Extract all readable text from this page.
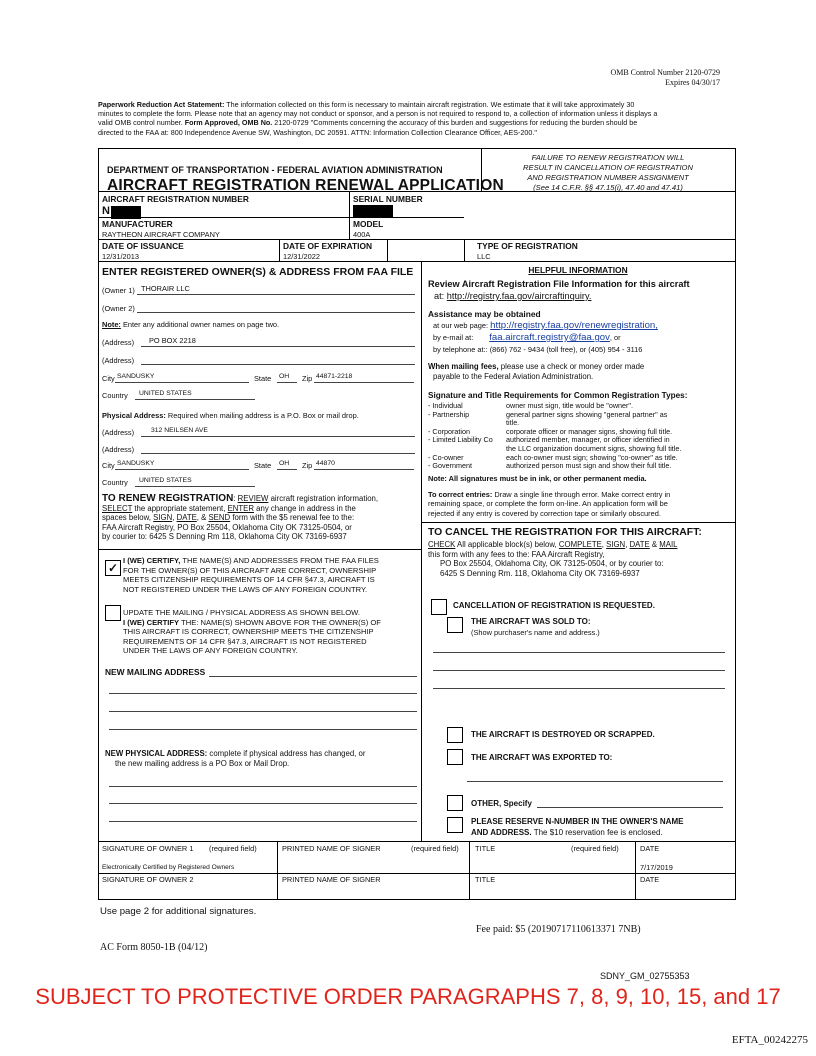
OMB Control Number 2120-0729
Expires 04/30/17
Paperwork Reduction Act Statement: The information collected on this form is necessary to maintain aircraft registration. We estimate that it will take approximately 30
minutes to complete the form. Please note that an agency may not conduct or sponsor, and a person is not required to respond to, a collection of information unless it displays a
valid OMB control number. Form Approved, OMB No. 2120-0729 "Comments concerning the accuracy of this burden and suggestions for reducing the burden should be
directed to the FAA at: 800 Independence Avenue SW, Washington, DC 20591. ATTN: Information Collection Clearance Officer, AES-200."
DEPARTMENT OF TRANSPORTATION - FEDERAL AVIATION ADMINISTRATION
AIRCRAFT REGISTRATION RENEWAL APPLICATION
FAILURE TO RENEW REGISTRATION WILL
RESULT IN CANCELLATION OF REGISTRATION
AND REGISTRATION NUMBER ASSIGNMENT
(See 14 C.F.R. §§ 47.15(i), 47.40 and 47.41)
AIRCRAFT REGISTRATION NUMBER
N
SERIAL NUMBER
MANUFACTURER
RAYTHEON AIRCRAFT COMPANY
MODEL
400A
DATE OF ISSUANCE
12/31/2013
DATE OF EXPIRATION
12/31/2022
TYPE OF REGISTRATION
LLC
ENTER REGISTERED OWNER(S) & ADDRESS FROM FAA FILE
(Owner 1) THORAIR LLC
(Owner 2)
Note: Enter any additional owner names on page two.
(Address) PO BOX 2218
(Address)
City SANDUSKY	State OH Zip 44871-2218
Country UNITED STATES
Physical Address: Required when mailing address is a P.O. Box or mail drop.
(Address) 312 NEILSEN AVE
(Address)
City SANDUSKY	State OH Zip 44870
Country UNITED STATES
TO RENEW REGISTRATION: REVIEW aircraft registration information,
SELECT the appropriate statement, ENTER any change in address in the
spaces below, SIGN, DATE, & SEND form with the $5 renewal fee to the:
FAA Aircraft Registry, PO Box 25504, Oklahoma City OK 73125-0504, or
by courier to: 6425 S Denning Rm 118, Oklahoma City OK 73169-6937
✓
I (WE) CERTIFY, THE NAME(S) AND ADDRESSES FROM THE FAA FILES
FOR THE OWNER(S) OF THIS AIRCRAFT ARE CORRECT, OWNERSHIP
MEETS CITIZENSHIP REQUIREMENTS OF 14 CFR §47.3, AIRCRAFT IS
NOT REGISTERED UNDER THE LAWS OF ANY FOREIGN COUNTRY.
UPDATE THE MAILING / PHYSICAL ADDRESS AS SHOWN BELOW.
I (WE) CERTIFY THE: NAME(S) SHOWN ABOVE FOR THE OWNER(S) OF
THIS AIRCRAFT IS CORRECT, OWNERSHIP MEETS THE CITIZENSHIP
REQUIREMENTS OF 14 CFR §47.3, AIRCRAFT IS NOT REGISTERED
UNDER THE LAWS OF ANY FOREIGN COUNTRY.
NEW MAILING ADDRESS
NEW PHYSICAL ADDRESS: complete if physical address has changed, or
the new mailing address is a PO Box or Mail Drop.
HELPFUL INFORMATION
Review Aircraft Registration File Information for this aircraft
at: http://registry.faa.gov/aircraftinquiry.
Assistance may be obtained
at our web page: http://registry.faa.gov/renewregistration,
by e-mail at: faa.aircraft.registry@faa.gov, or
by telephone at:: (866) 762 - 9434 (toll free), or (405) 954 - 3116
When mailing fees, please use a check or money order made
payable to the Federal Aviation Administration.
Signature and Title Requirements for Common Registration Types:
- Individual	owner must sign, title would be "owner".
- Partnership	general partner signs showing "general partner" as
title.
- Corporation	corporate officer or manager signs, showing full title.
- Limited Liability Co	authorized member, manager, or officer identified in
the LLC organization document signs, showing full title.
- Co-owner	each co-owner must sign; showing "co-owner" as title.
- Government	authorized person must sign and show their full title.
Note: All signatures must be in ink, or other permanent media.
To correct entries: Draw a single line through error. Make correct entry in
remaining space, or complete the form on-line. An application form will be
rejected if any entry is covered by correction tape or similarly obscured.
TO CANCEL THE REGISTRATION FOR THIS AIRCRAFT:
CHECK All applicable block(s) below, COMPLETE, SIGN, DATE & MAIL
this form with any fees to the: FAA Aircraft Registry,
PO Box 25504, Oklahoma City, OK 73125-0504, or by courier to:
6425 S Denning Rm. 118, Oklahoma City OK 73169-6937
CANCELLATION OF REGISTRATION IS REQUESTED.
THE AIRCRAFT WAS SOLD TO:
(Show purchaser's name and address.)
THE AIRCRAFT IS DESTROYED OR SCRAPPED.
THE AIRCRAFT WAS EXPORTED TO:
OTHER, Specify
PLEASE RESERVE N-NUMBER IN THE OWNER'S NAME
AND ADDRESS. The $10 reservation fee is enclosed.
SIGNATURE OF OWNER 1 (required field)	PRINTED NAME OF SIGNER	(required field) TITLE	(required field)	DATE
Electronically Certified by Registered Owners	7/17/2019
SIGNATURE OF OWNER 2	PRINTED NAME OF SIGNER	TITLE	DATE
Use page 2 for additional signatures.
Fee paid: $5 (20190717110613371 7NB)
AC Form 8050-1B (04/12)
SDNY_GM_02755353
SUBJECT TO PROTECTIVE ORDER PARAGRAPHS 7, 8, 9, 10, 15, and 17
EFTA_00242275
